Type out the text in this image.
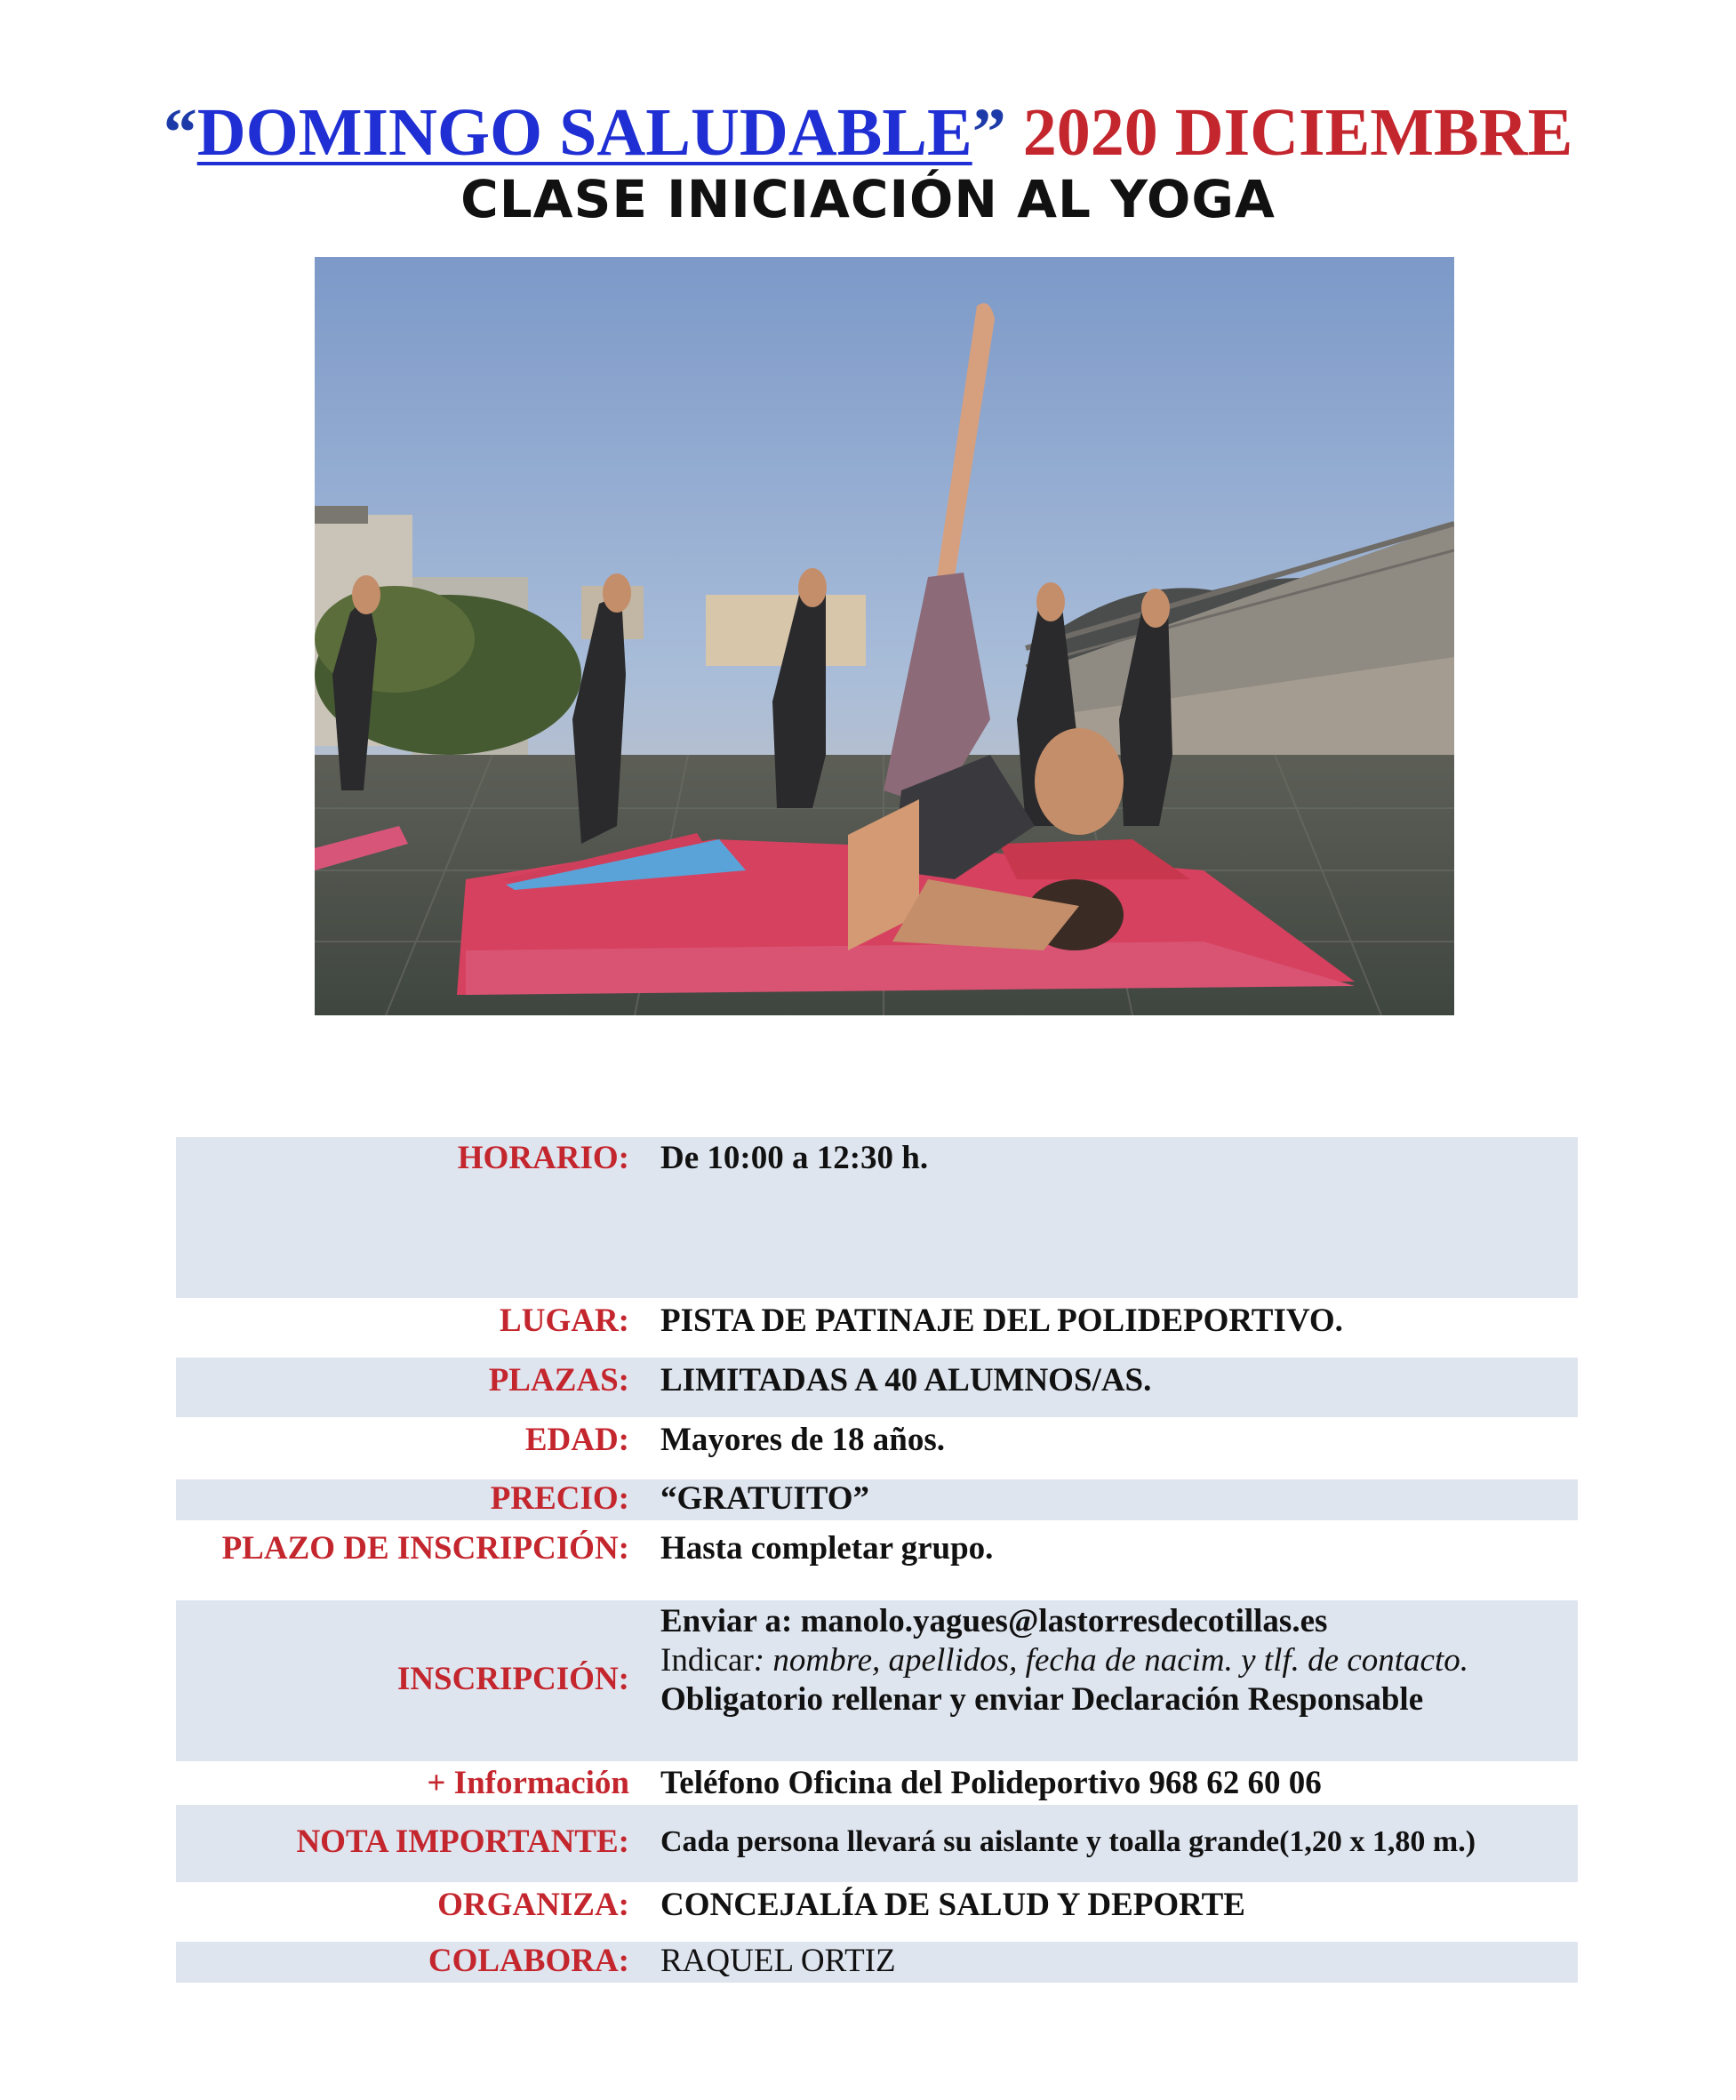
“DOMINGO SALUDABLE” 2020 DICIEMBRE
CLASE INICIACIÓN AL YOGA
HORARIO: De 10:00 a 12:30 h.
LUGAR: PISTA DE PATINAJE DEL POLIDEPORTIVO.
PLAZAS: LIMITADAS A 40 ALUMNOS/AS.
EDAD: Mayores de 18 años.
PRECIO: “GRATUITO”
PLAZO DE INSCRIPCIÓN: Hasta completar grupo.
INSCRIPCIÓN:
Enviar a: manolo.yagues@lastorresdecotillas.es
Indicar: nombre, apellidos, fecha de nacim. y tlf. de contacto.
Obligatorio rellenar y enviar Declaración Responsable
+ Información Teléfono Oficina del Polideportivo 968 62 60 06
NOTA IMPORTANTE: Cada persona llevará su aislante y toalla grande(1,20 x 1,80 m.)
ORGANIZA: CONCEJALÍA DE SALUD Y DEPORTE
COLABORA: RAQUEL ORTIZ
